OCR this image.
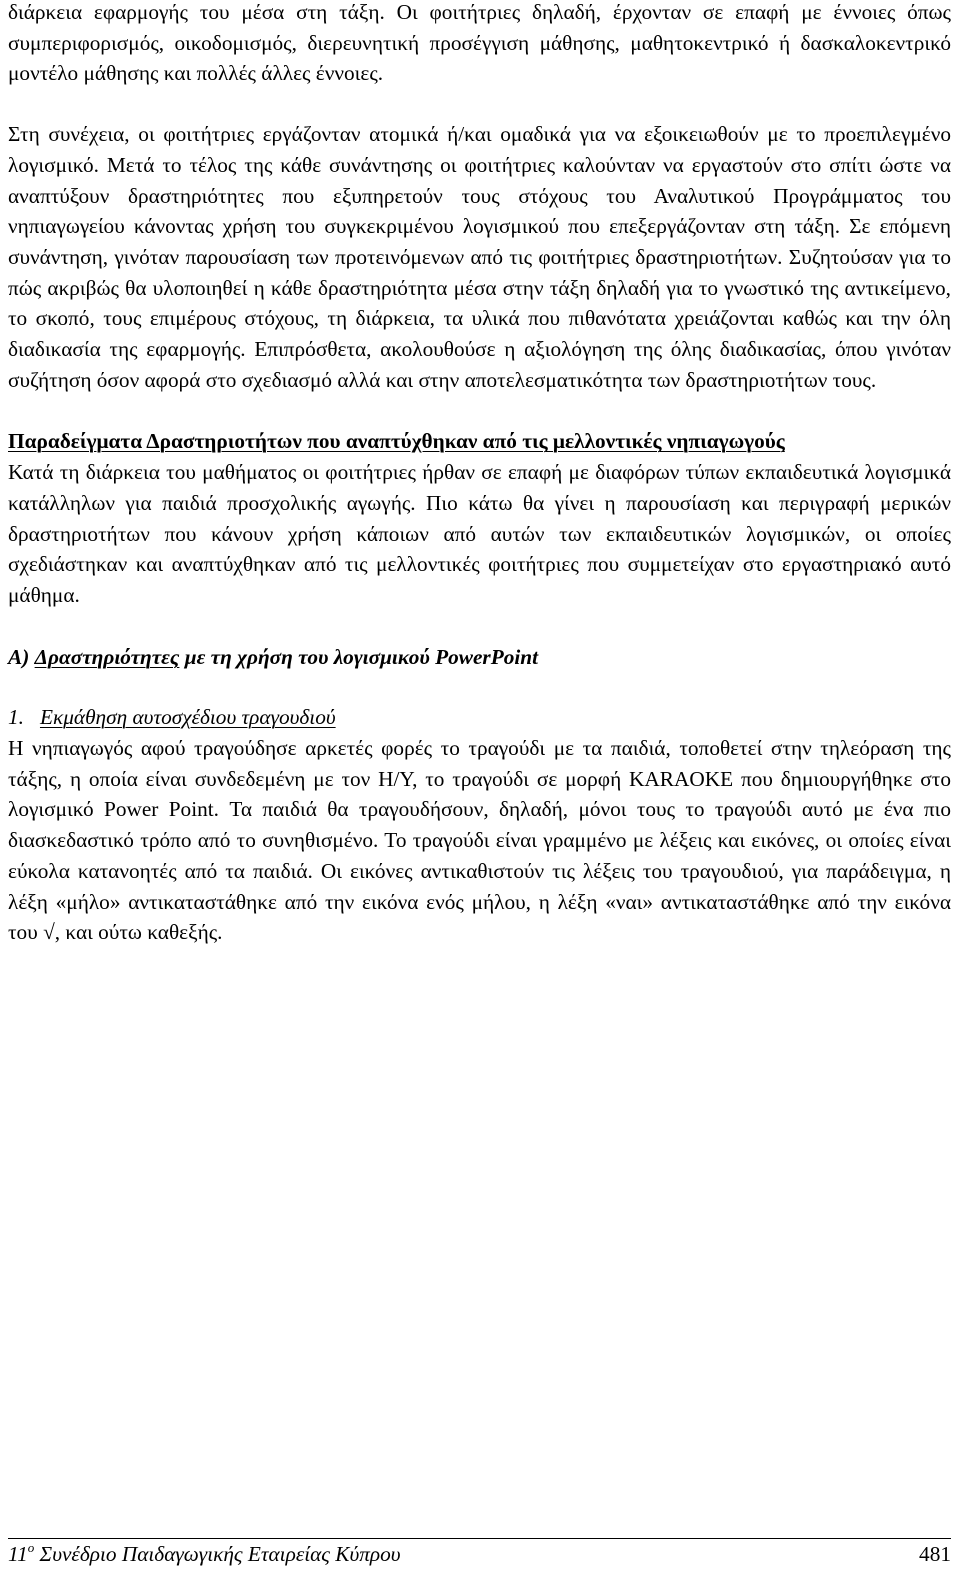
διάρκεια εφαρμογής του μέσα στη τάξη. Οι φοιτήτριες δηλαδή, έρχονταν σε επαφή με έννοιες όπως συμπεριφορισμός, οικοδομισμός, διερευνητική προσέγγιση μάθησης, μαθητοκεντρικό ή δασκαλοκεντρικό μοντέλο μάθησης και πολλές άλλες έννοιες.

Στη συνέχεια, οι φοιτήτριες εργάζονταν ατομικά ή/και ομαδικά για να εξοικειωθούν με το προεπιλεγμένο λογισμικό. Μετά το τέλος της κάθε συνάντησης οι φοιτήτριες καλούνταν να εργαστούν στο σπίτι ώστε να αναπτύξουν δραστηριότητες που εξυπηρετούν τους στόχους του Αναλυτικού Προγράμματος του νηπιαγωγείου κάνοντας χρήση του συγκεκριμένου λογισμικού που επεξεργάζονταν στη τάξη. Σε επόμενη συνάντηση, γινόταν παρουσίαση των προτεινόμενων από τις φοιτήτριες δραστηριοτήτων. Συζητούσαν για το πώς ακριβώς θα υλοποιηθεί η κάθε δραστηριότητα μέσα στην τάξη δηλαδή για το γνωστικό της αντικείμενο, το σκοπό, τους επιμέρους στόχους, τη διάρκεια, τα υλικά που πιθανότατα χρειάζονται καθώς και την όλη διαδικασία της εφαρμογής. Επιπρόσθετα, ακολουθούσε η αξιολόγηση της όλης διαδικασίας, όπου γινόταν συζήτηση όσον αφορά στο σχεδιασμό αλλά και στην αποτελεσματικότητα των δραστηριοτήτων τους.

Παραδείγματα Δραστηριοτήτων που αναπτύχθηκαν από τις μελλοντικές νηπιαγωγούς

Κατά τη διάρκεια του μαθήματος οι φοιτήτριες ήρθαν σε επαφή με διαφόρων τύπων εκπαιδευτικά λογισμικά κατάλληλων για παιδιά προσχολικής αγωγής. Πιο κάτω θα γίνει η παρουσίαση και περιγραφή μερικών δραστηριοτήτων που κάνουν χρήση κάποιων από αυτών των εκπαιδευτικών λογισμικών, οι οποίες σχεδιάστηκαν και αναπτύχθηκαν από τις μελλοντικές φοιτήτριες που συμμετείχαν στο εργαστηριακό αυτό μάθημα.

A) Δραστηριότητες με τη χρήση του λογισμικού PowerPoint

1. Εκμάθηση αυτοσχέδιου τραγουδιού

Η νηπιαγωγός αφού τραγούδησε αρκετές φορές το τραγούδι με τα παιδιά, τοποθετεί στην τηλεόραση της τάξης, η οποία είναι συνδεδεμένη με τον Η/Υ, το τραγούδι σε μορφή KARAOKE που δημιουργήθηκε στο λογισμικό Power Point. Τα παιδιά θα τραγουδήσουν, δηλαδή, μόνοι τους το τραγούδι αυτό με ένα πιο διασκεδαστικό τρόπο από το συνηθισμένο. Το τραγούδι είναι γραμμένο με λέξεις και εικόνες, οι οποίες είναι εύκολα κατανοητές από τα παιδιά. Οι εικόνες αντικαθιστούν τις λέξεις του τραγουδιού, για παράδειγμα, η λέξη «μήλο» αντικαταστάθηκε από την εικόνα ενός μήλου, η λέξη «ναι» αντικαταστάθηκε από την εικόνα του √, και ούτω καθεξής.

$11^o$ Συνέδριο Παιδαγωγικής Εταιρείας Κύπρου	481
